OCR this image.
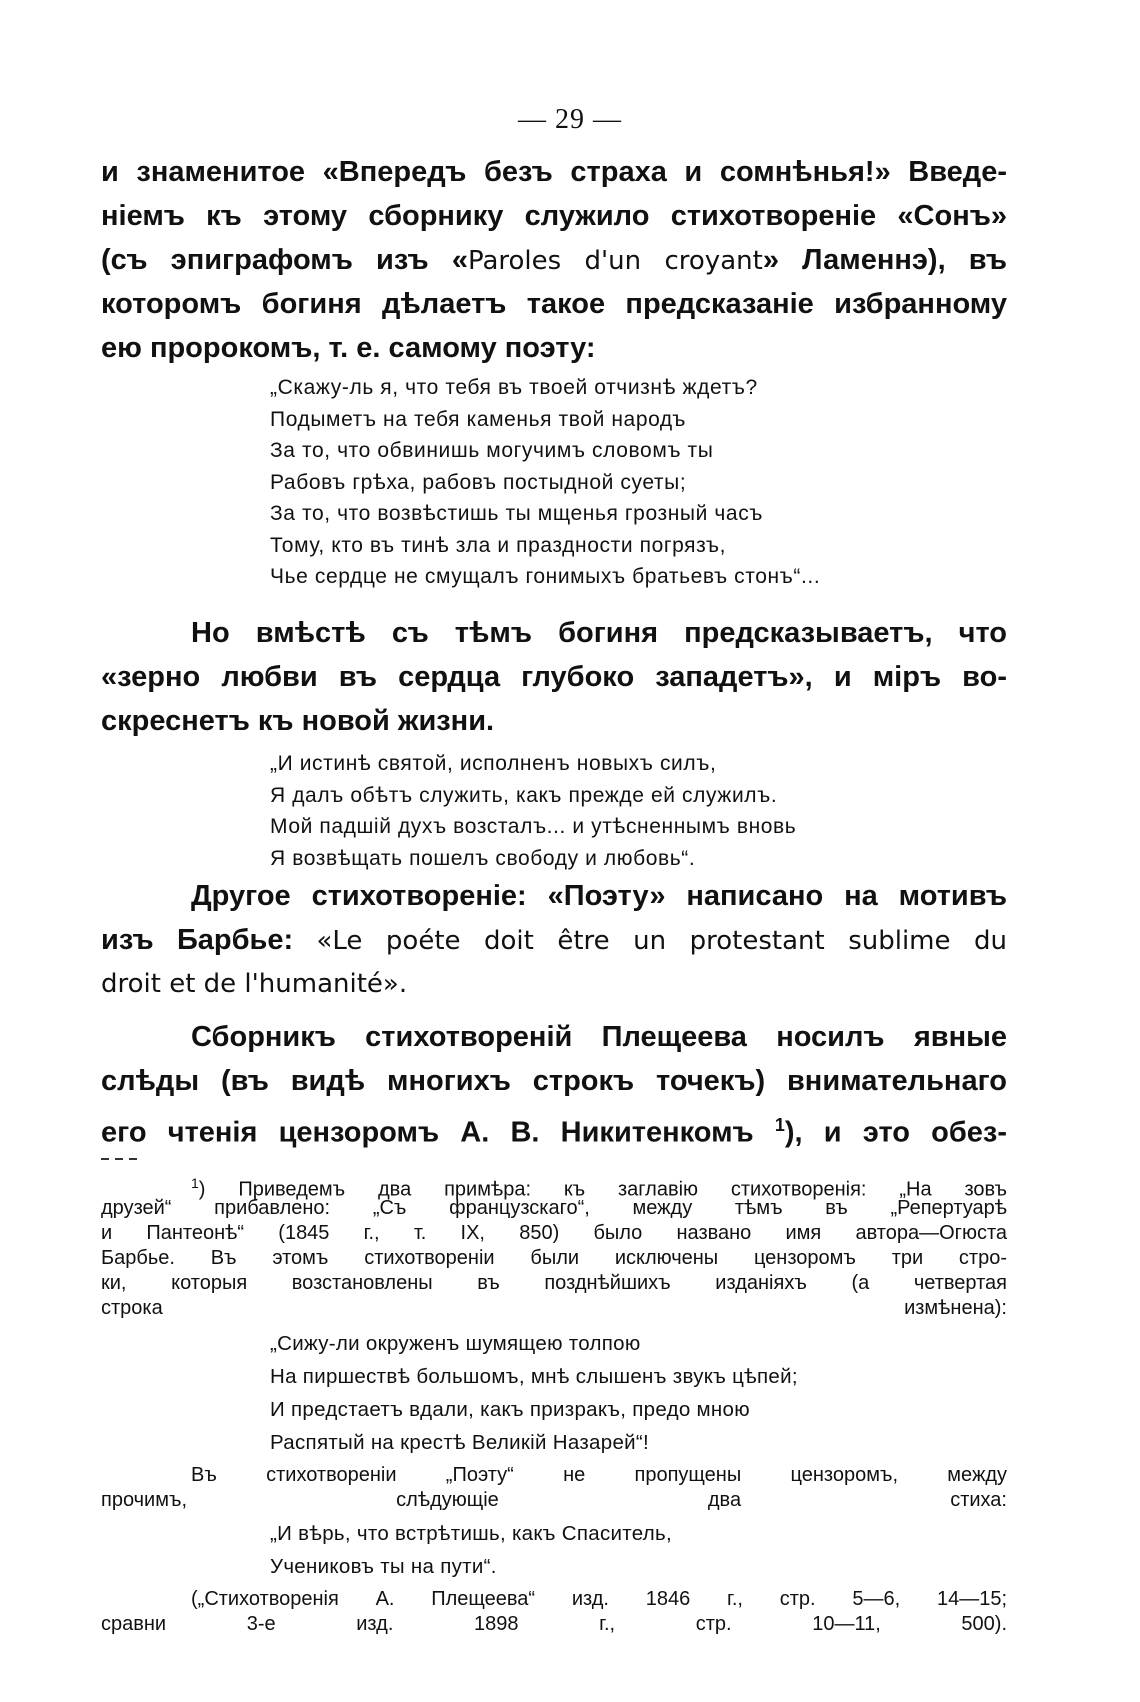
— 29 —
и знаменитое «Впередъ безъ страха и сомнѣнья!» Введе-
ніемъ къ этому сборнику служило стихотвореніе «Сонъ»
(съ эпиграфомъ изъ «Paroles d'un croyant» Ламеннэ), въ
которомъ богиня дѣлаетъ такое предсказаніе избранному
ею пророкомъ, т. е. самому поэту:
„Скажу-ль я, что тебя въ твоей отчизнѣ ждетъ?
Подыметъ на тебя каменья твой народъ
За то, что обвинишь могучимъ словомъ ты
Рабовъ грѣха, рабовъ постыдной суеты;
За то, что возвѣстишь ты мщенья грозный часъ
Тому, кто въ тинѣ зла и праздности погрязъ,
Чье сердце не смущалъ гонимыхъ братьевъ стонъ“...
Но вмѣстѣ съ тѣмъ богиня предсказываетъ, что
«зерно любви въ сердца глубоко западетъ», и міръ во-
скреснетъ къ новой жизни.
„И истинѣ святой, исполненъ новыхъ силъ,
Я далъ обѣтъ служить, какъ прежде ей служилъ.
Мой падшій духъ возсталъ... и утѣсненнымъ вновь
Я возвѣщать пошелъ свободу и любовь“.
Другое стихотвореніе: «Поэту» написано на мотивъ
изъ Барбье: «Le poéte doit être un protestant sublime du
droit et de l'humanité».
Сборникъ стихотвореній Плещеева носилъ явные
слѣды (въ видѣ многихъ строкъ точекъ) внимательнаго
его чтенія цензоромъ А. В. Никитенкомъ $^1$), и это обез-
$^1$) Приведемъ два примѣра: къ заглавію стихотворенія: „На зовъ
друзей“ прибавлено: „Съ французскаго“, между тѣмъ въ „Репертуарѣ
и Пантеонѣ“ (1845 г., т. IX, 850) было названо имя автора—Огюста
Барбье. Въ этомъ стихотвореніи были исключены цензоромъ три стро-
ки, которыя возстановлены въ позднѣйшихъ изданіяхъ (а четвертая
строка измѣнена):
„Сижу-ли окруженъ шумящею толпою
На пиршествѣ большомъ, мнѣ слышенъ звукъ цѣпей;
И предстаетъ вдали, какъ призракъ, предо мною
Распятый на крестѣ Великій Назарей“!
Въ стихотвореніи „Поэту“ не пропущены цензоромъ, между
прочимъ, слѣдующіе два стиха:
„И вѣрь, что встрѣтишь, какъ Спаситель,
Учениковъ ты на пути“.
(„Стихотворенія А. Плещеева“ изд. 1846 г., стр. 5—6, 14—15;
сравни 3-е изд. 1898 г., стр. 10—11, 500).
